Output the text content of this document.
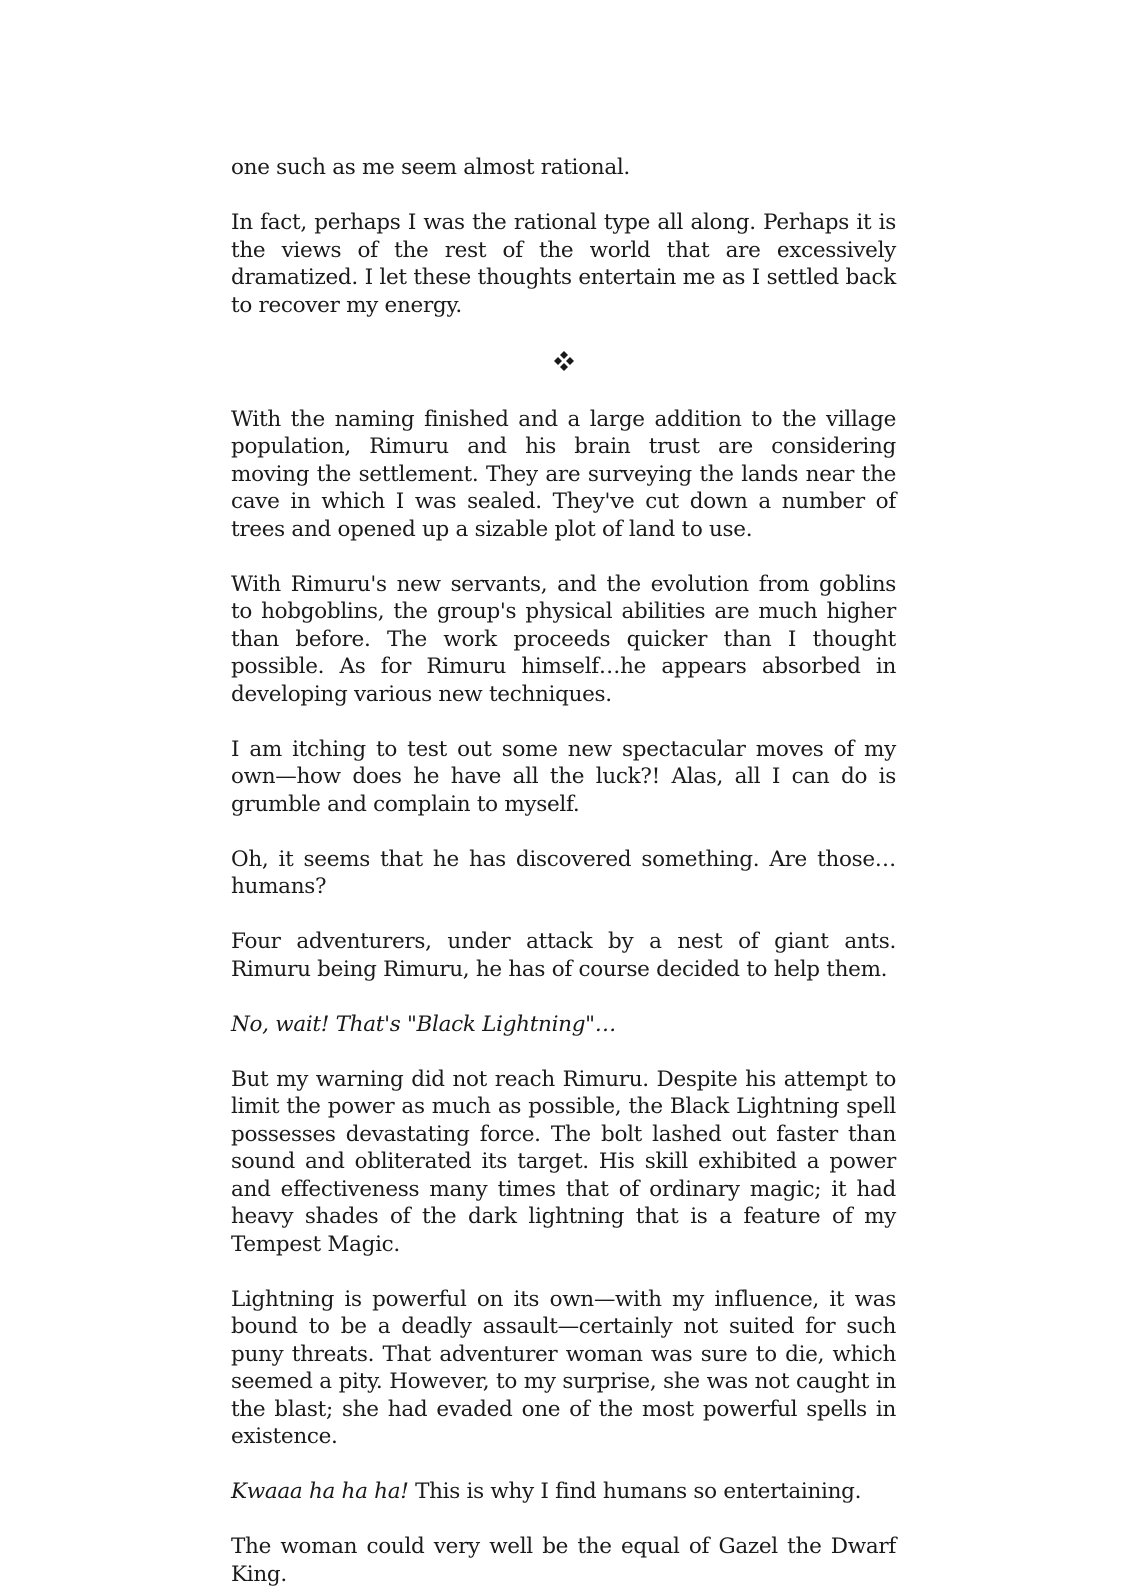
one such as me seem almost rational.

In fact, perhaps I was the rational type all along. Perhaps it is the views of the rest of the world that are excessively dramatized. I let these thoughts entertain me as I settled back to recover my energy.

With the naming finished and a large addition to the village population, Rimuru and his brain trust are considering moving the settlement. They are surveying the lands near the cave in which I was sealed. They've cut down a number of trees and opened up a sizable plot of land to use.

With Rimuru's new servants, and the evolution from goblins to hobgoblins, the group's physical abilities are much higher than before. The work proceeds quicker than I thought possible. As for Rimuru himself…he appears absorbed in developing various new techniques.

I am itching to test out some new spectacular moves of my own—how does he have all the luck?! Alas, all I can do is grumble and complain to myself.

Oh, it seems that he has discovered something. Are those…humans?

Four adventurers, under attack by a nest of giant ants. Rimuru being Rimuru, he has of course decided to help them.

No, wait! That's "Black Lightning"…

But my warning did not reach Rimuru. Despite his attempt to limit the power as much as possible, the Black Lightning spell possesses devastating force. The bolt lashed out faster than sound and obliterated its target. His skill exhibited a power and effectiveness many times that of ordinary magic; it had heavy shades of the dark lightning that is a feature of my Tempest Magic.

Lightning is powerful on its own—with my influence, it was bound to be a deadly assault—certainly not suited for such puny threats. That adventurer woman was sure to die, which seemed a pity. However, to my surprise, she was not caught in the blast; she had evaded one of the most powerful spells in existence.

Kwaaa ha ha ha! This is why I find humans so entertaining.

The woman could very well be the equal of Gazel the Dwarf King.
